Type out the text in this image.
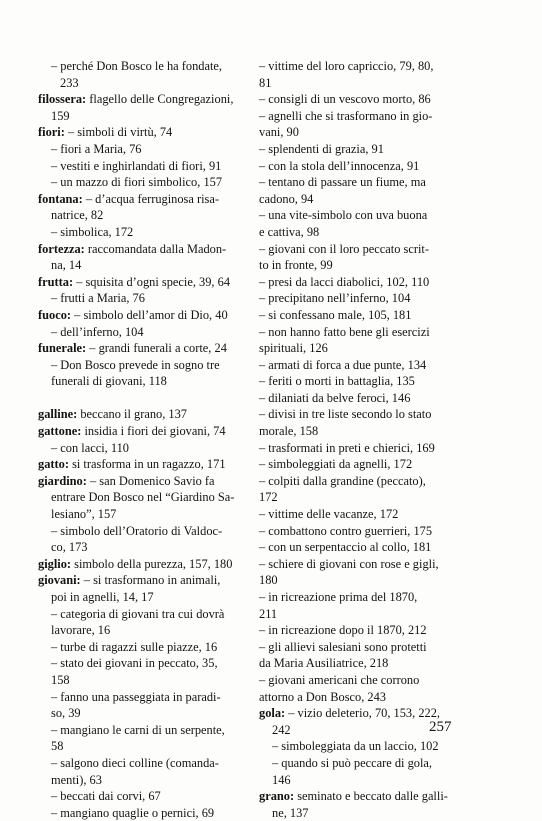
– perché Don Bosco le ha fondate,
233
filossera: flagello delle Congregazioni,
159
fiori: – simboli di virtù, 74
– fiori a Maria, 76
– vestiti e inghirlandati di fiori, 91
– un mazzo di fiori simbolico, 157
fontana: – d’acqua ferruginosa risa-
natrice, 82
– simbolica, 172
fortezza: raccomandata dalla Madon-
na, 14
frutta: – squisita d’ogni specie, 39, 64
– frutti a Maria, 76
fuoco: – simbolo dell’amor di Dio, 40
– dell’inferno, 104
funerale: – grandi funerali a corte, 24
– Don Bosco prevede in sogno tre
funerali di giovani, 118
galline: beccano il grano, 137
gattone: insidia i fiori dei giovani, 74
– con lacci, 110
gatto: si trasforma in un ragazzo, 171
giardino: – san Domenico Savio fa
entrare Don Bosco nel “Giardino Sa-
lesiano”, 157
– simbolo dell’Oratorio di Valdoc-
co, 173
giglio: simbolo della purezza, 157, 180
giovani: – si trasformano in animali,
poi in agnelli, 14, 17
– categoria di giovani tra cui dovrà
lavorare, 16
– turbe di ragazzi sulle piazze, 16
– stato dei giovani in peccato, 35,
158
– fanno una passeggiata in paradi-
so, 39
– mangiano le carni di un serpente,
58
– salgono dieci colline (comanda-
menti), 63
– beccati dai corvi, 67
– mangiano quaglie o pernici, 69
– vittime del loro capriccio, 79, 80,
81
– consigli di un vescovo morto, 86
– agnelli che si trasformano in gio-
vani, 90
– splendenti di grazia, 91
– con la stola dell’innocenza, 91
– tentano di passare un fiume, ma
cadono, 94
– una vite-simbolo con uva buona
e cattiva, 98
– giovani con il loro peccato scrit-
to in fronte, 99
– presi da lacci diabolici, 102, 110
– precipitano nell’inferno, 104
– si confessano male, 105, 181
– non hanno fatto bene gli esercizi
spirituali, 126
– armati di forca a due punte, 134
– feriti o morti in battaglia, 135
– dilaniati da belve feroci, 146
– divisi in tre liste secondo lo stato
morale, 158
– trasformati in preti e chierici, 169
– simboleggiati da agnelli, 172
– colpiti dalla grandine (peccato),
172
– vittime delle vacanze, 172
– combattono contro guerrieri, 175
– con un serpentaccio al collo, 181
– schiere di giovani con rose e gigli,
180
– in ricreazione prima del 1870,
211
– in ricreazione dopo il 1870, 212
– gli allievi salesiani sono protetti
da Maria Ausiliatrice, 218
– giovani americani che corrono
attorno a Don Bosco, 243
gola: – vizio deleterio, 70, 153, 222,
242
– simboleggiata da un laccio, 102
– quando si può peccare di gola,
146
grano: seminato e beccato dalle galli-
ne, 137
257
